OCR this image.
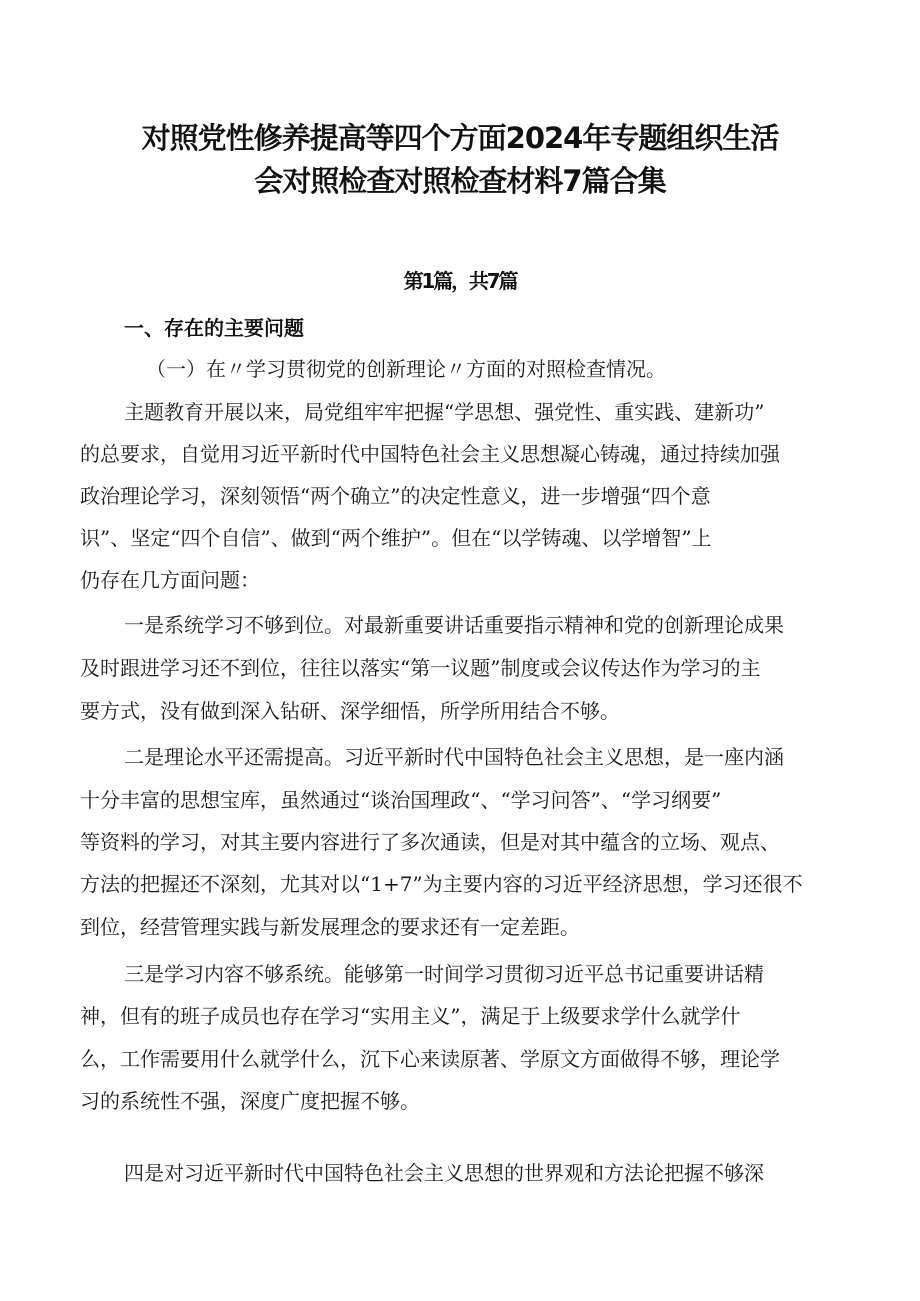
对照党性修养提高等四个方面2024年专题组织生活
会对照检查对照检查材料7篇合集
第1篇，共7篇
一、存在的主要问题
（一）在〃学习贯彻党的创新理论〃方面的对照检查情况。
主题教育开展以来，局党组牢牢把握“学思想、强党性、重实践、建新功”
的总要求，自觉用习近平新时代中国特色社会主义思想凝心铸魂，通过持续加强
政治理论学习，深刻领悟“两个确立”的决定性意义，进一步增强“四个意
识”、坚定“四个自信”、做到“两个维护”。但在“以学铸魂、以学增智”上
仍存在几方面问题：
一是系统学习不够到位。对最新重要讲话重要指示精神和党的创新理论成果
及时跟进学习还不到位，往往以落实“第一议题”制度或会议传达作为学习的主
要方式，没有做到深入钻研、深学细悟，所学所用结合不够。
二是理论水平还需提高。习近平新时代中国特色社会主义思想，是一座内涵
十分丰富的思想宝库，虽然通过“谈治国理政“、“学习问答”、“学习纲要”
等资料的学习，对其主要内容进行了多次通读，但是对其中蕴含的立场、观点、
方法的把握还不深刻，尤其对以“1+7”为主要内容的习近平经济思想，学习还很不
到位，经营管理实践与新发展理念的要求还有一定差距。
三是学习内容不够系统。能够第一时间学习贯彻习近平总书记重要讲话精
神，但有的班子成员也存在学习“实用主义”，满足于上级要求学什么就学什
么，工作需要用什么就学什么，沉下心来读原著、学原文方面做得不够，理论学
习的系统性不强，深度广度把握不够。
四是对习近平新时代中国特色社会主义思想的世界观和方法论把握不够深
